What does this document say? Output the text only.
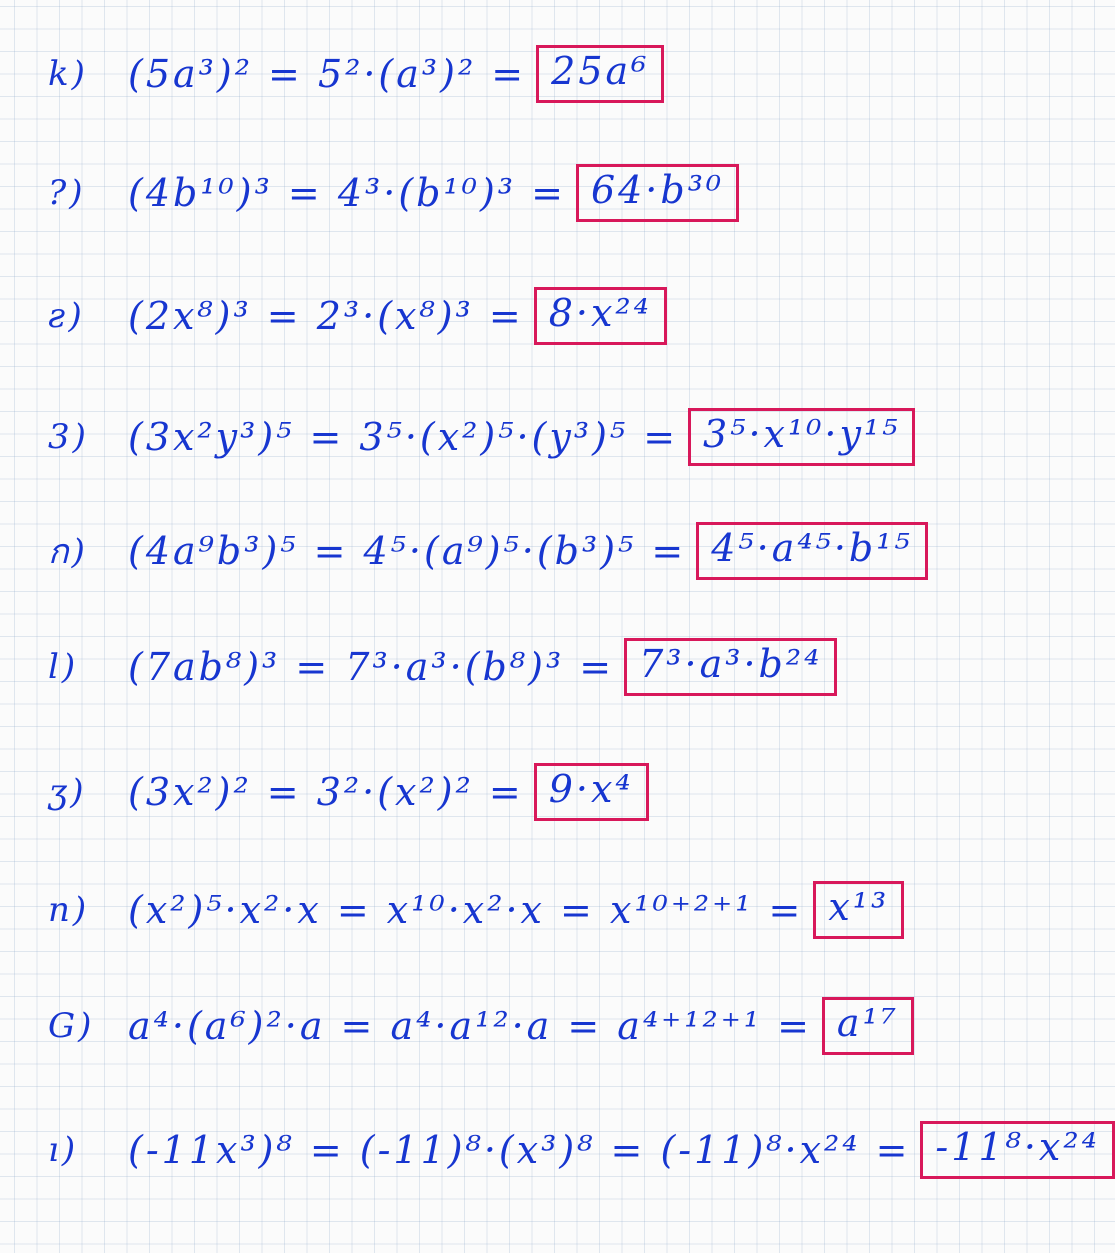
k)	(5a³)² = 5²·(a³)² = 25a⁶
?)	(4b¹⁰)³ = 4³·(b¹⁰)³ = 64·b³⁰
ƨ)	(2x⁸)³ = 2³·(x⁸)³ = 8·x²⁴
3)	(3x²y³)⁵ = 3⁵·(x²)⁵·(y³)⁵ = 3⁵·x¹⁰·y¹⁵
ก)	(4a⁹b³)⁵ = 4⁵·(a⁹)⁵·(b³)⁵ = 4⁵·a⁴⁵·b¹⁵
l)	(7ab⁸)³ = 7³·a³·(b⁸)³ = 7³·a³·b²⁴
ʒ)	(3x²)² = 3²·(x²)² = 9·x⁴
n)	(x²)⁵·x²·x = x¹⁰·x²·x = x¹⁰⁺²⁺¹ = x¹³
G) a⁴·(a⁶)²·a = a⁴·a¹²·a = a⁴⁺¹²⁺¹ = a¹⁷
ı)	(-11x³)⁸ = (-11)⁸·(x³)⁸ = (-11)⁸·x²⁴ = -11⁸·x²⁴
